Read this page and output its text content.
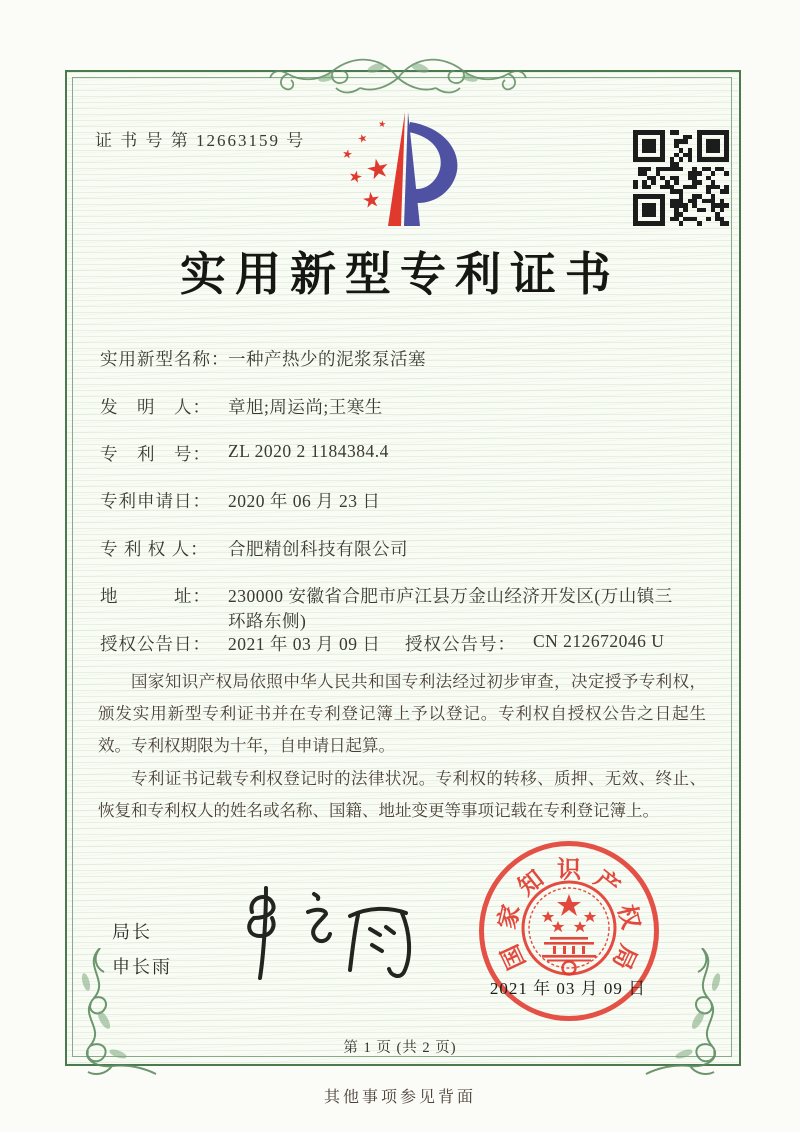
证 书 号 第 12663159 号
★
★
★
★
★
★
实用新型专利证书
实用新型名称：
一种产热少的泥浆泵活塞
发　明　人： 章旭;周运尚;王寒生
专　利　号： ZL 2020 2 1184384.4
专利申请日： 2020 年 06 月 23 日
专 利 权 人： 合肥精创科技有限公司
地　　　址： 230000 安徽省合肥市庐江县万金山经济开发区(万山镇三
环路东侧)
授权公告日： 2021 年 03 月 09 日 授权公告号： CN 212672046 U

国家知识产权局依照中华人民共和国专利法经过初步审查，决定授予专利权，颁发实用新型专利证书并在专利登记簿上予以登记。专利权自授权公告之日起生效。专利权期限为十年，自申请日起算。

专利证书记载专利权登记时的法律状况。专利权的转移、质押、无效、终止、恢复和专利权人的姓名或名称、国籍、地址变更等事项记载在专利登记簿上。

局长
申长雨	国
家
知 识 产
权
局
2021 年 03 月 09 日
第 1 页 (共 2 页)
其他事项参见背面
